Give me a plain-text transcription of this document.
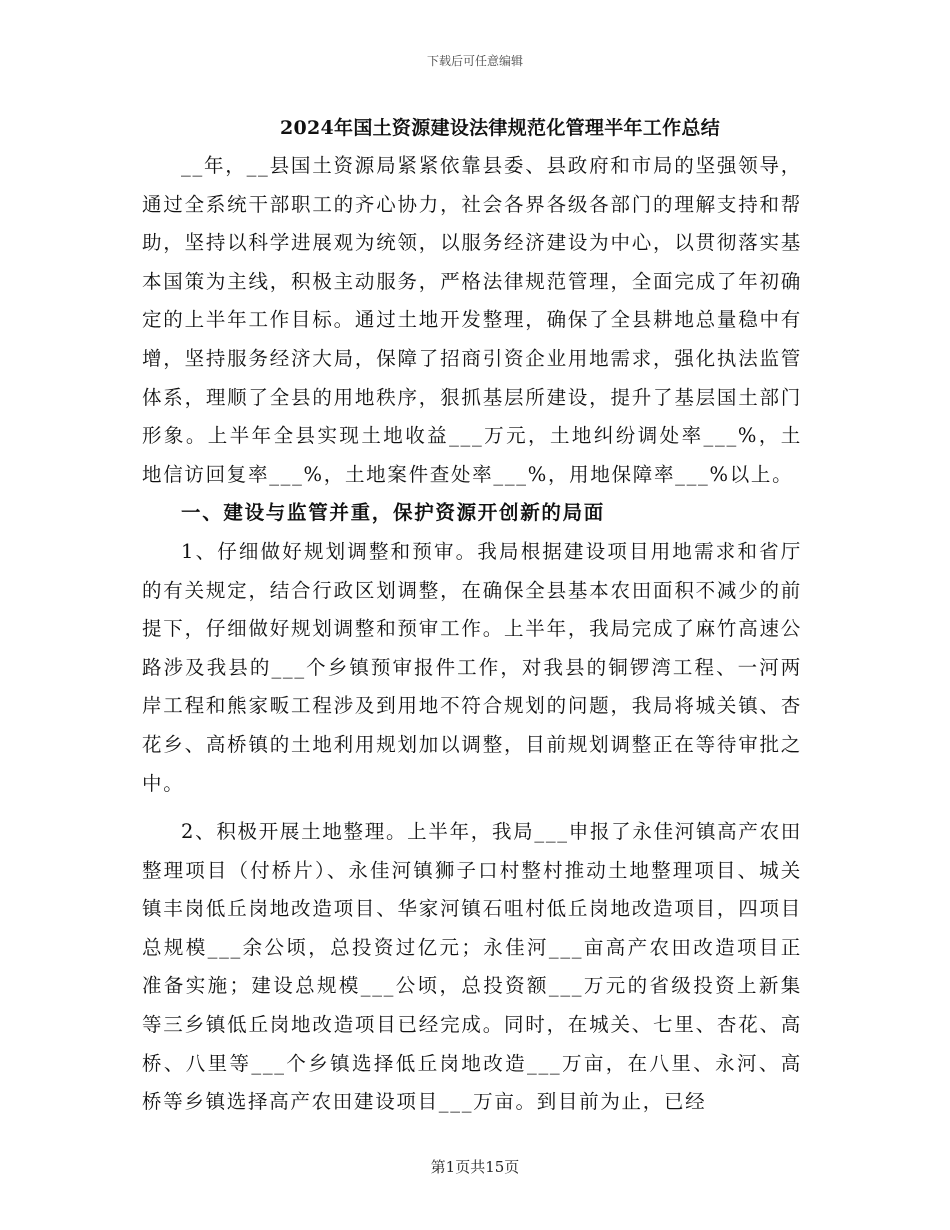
下载后可任意编辑
2024年国土资源建设法律规范化管理半年工作总结

__年，__县国土资源局紧紧依靠县委、县政府和市局的坚强领导，通过全系统干部职工的齐心协力，社会各界各级各部门的理解支持和帮助，坚持以科学进展观为统领，以服务经济建设为中心，以贯彻落实基本国策为主线，积极主动服务，严格法律规范管理，全面完成了年初确定的上半年工作目标。通过土地开发整理，确保了全县耕地总量稳中有增，坚持服务经济大局，保障了招商引资企业用地需求，强化执法监管体系，理顺了全县的用地秩序，狠抓基层所建设，提升了基层国土部门形象。上半年全县实现土地收益___万元，土地纠纷调处率___%，土地信访回复率___%，土地案件查处率___%，用地保障率___%以上。

一、建设与监管并重，保护资源开创新的局面

1、仔细做好规划调整和预审。我局根据建设项目用地需求和省厅的有关规定，结合行政区划调整，在确保全县基本农田面积不减少的前提下，仔细做好规划调整和预审工作。上半年，我局完成了麻竹高速公路涉及我县的___个乡镇预审报件工作，对我县的铜锣湾工程、一河两岸工程和熊家畈工程涉及到用地不符合规划的问题，我局将城关镇、杏花乡、高桥镇的土地利用规划加以调整，目前规划调整正在等待审批之中。

2、积极开展土地整理。上半年，我局___申报了永佳河镇高产农田整理项目（付桥片）、永佳河镇狮子口村整村推动土地整理项目、城关镇丰岗低丘岗地改造项目、华家河镇石咀村低丘岗地改造项目，四项目总规模___余公顷，总投资过亿元；永佳河___亩高产农田改造项目正准备实施；建设总规模___公顷，总投资额___万元的省级投资上新集等三乡镇低丘岗地改造项目已经完成。同时，在城关、七里、杏花、高桥、八里等___个乡镇选择低丘岗地改造___万亩，在八里、永河、高桥等乡镇选择高产农田建设项目___万亩。到目前为止，已经

第1页共15页
